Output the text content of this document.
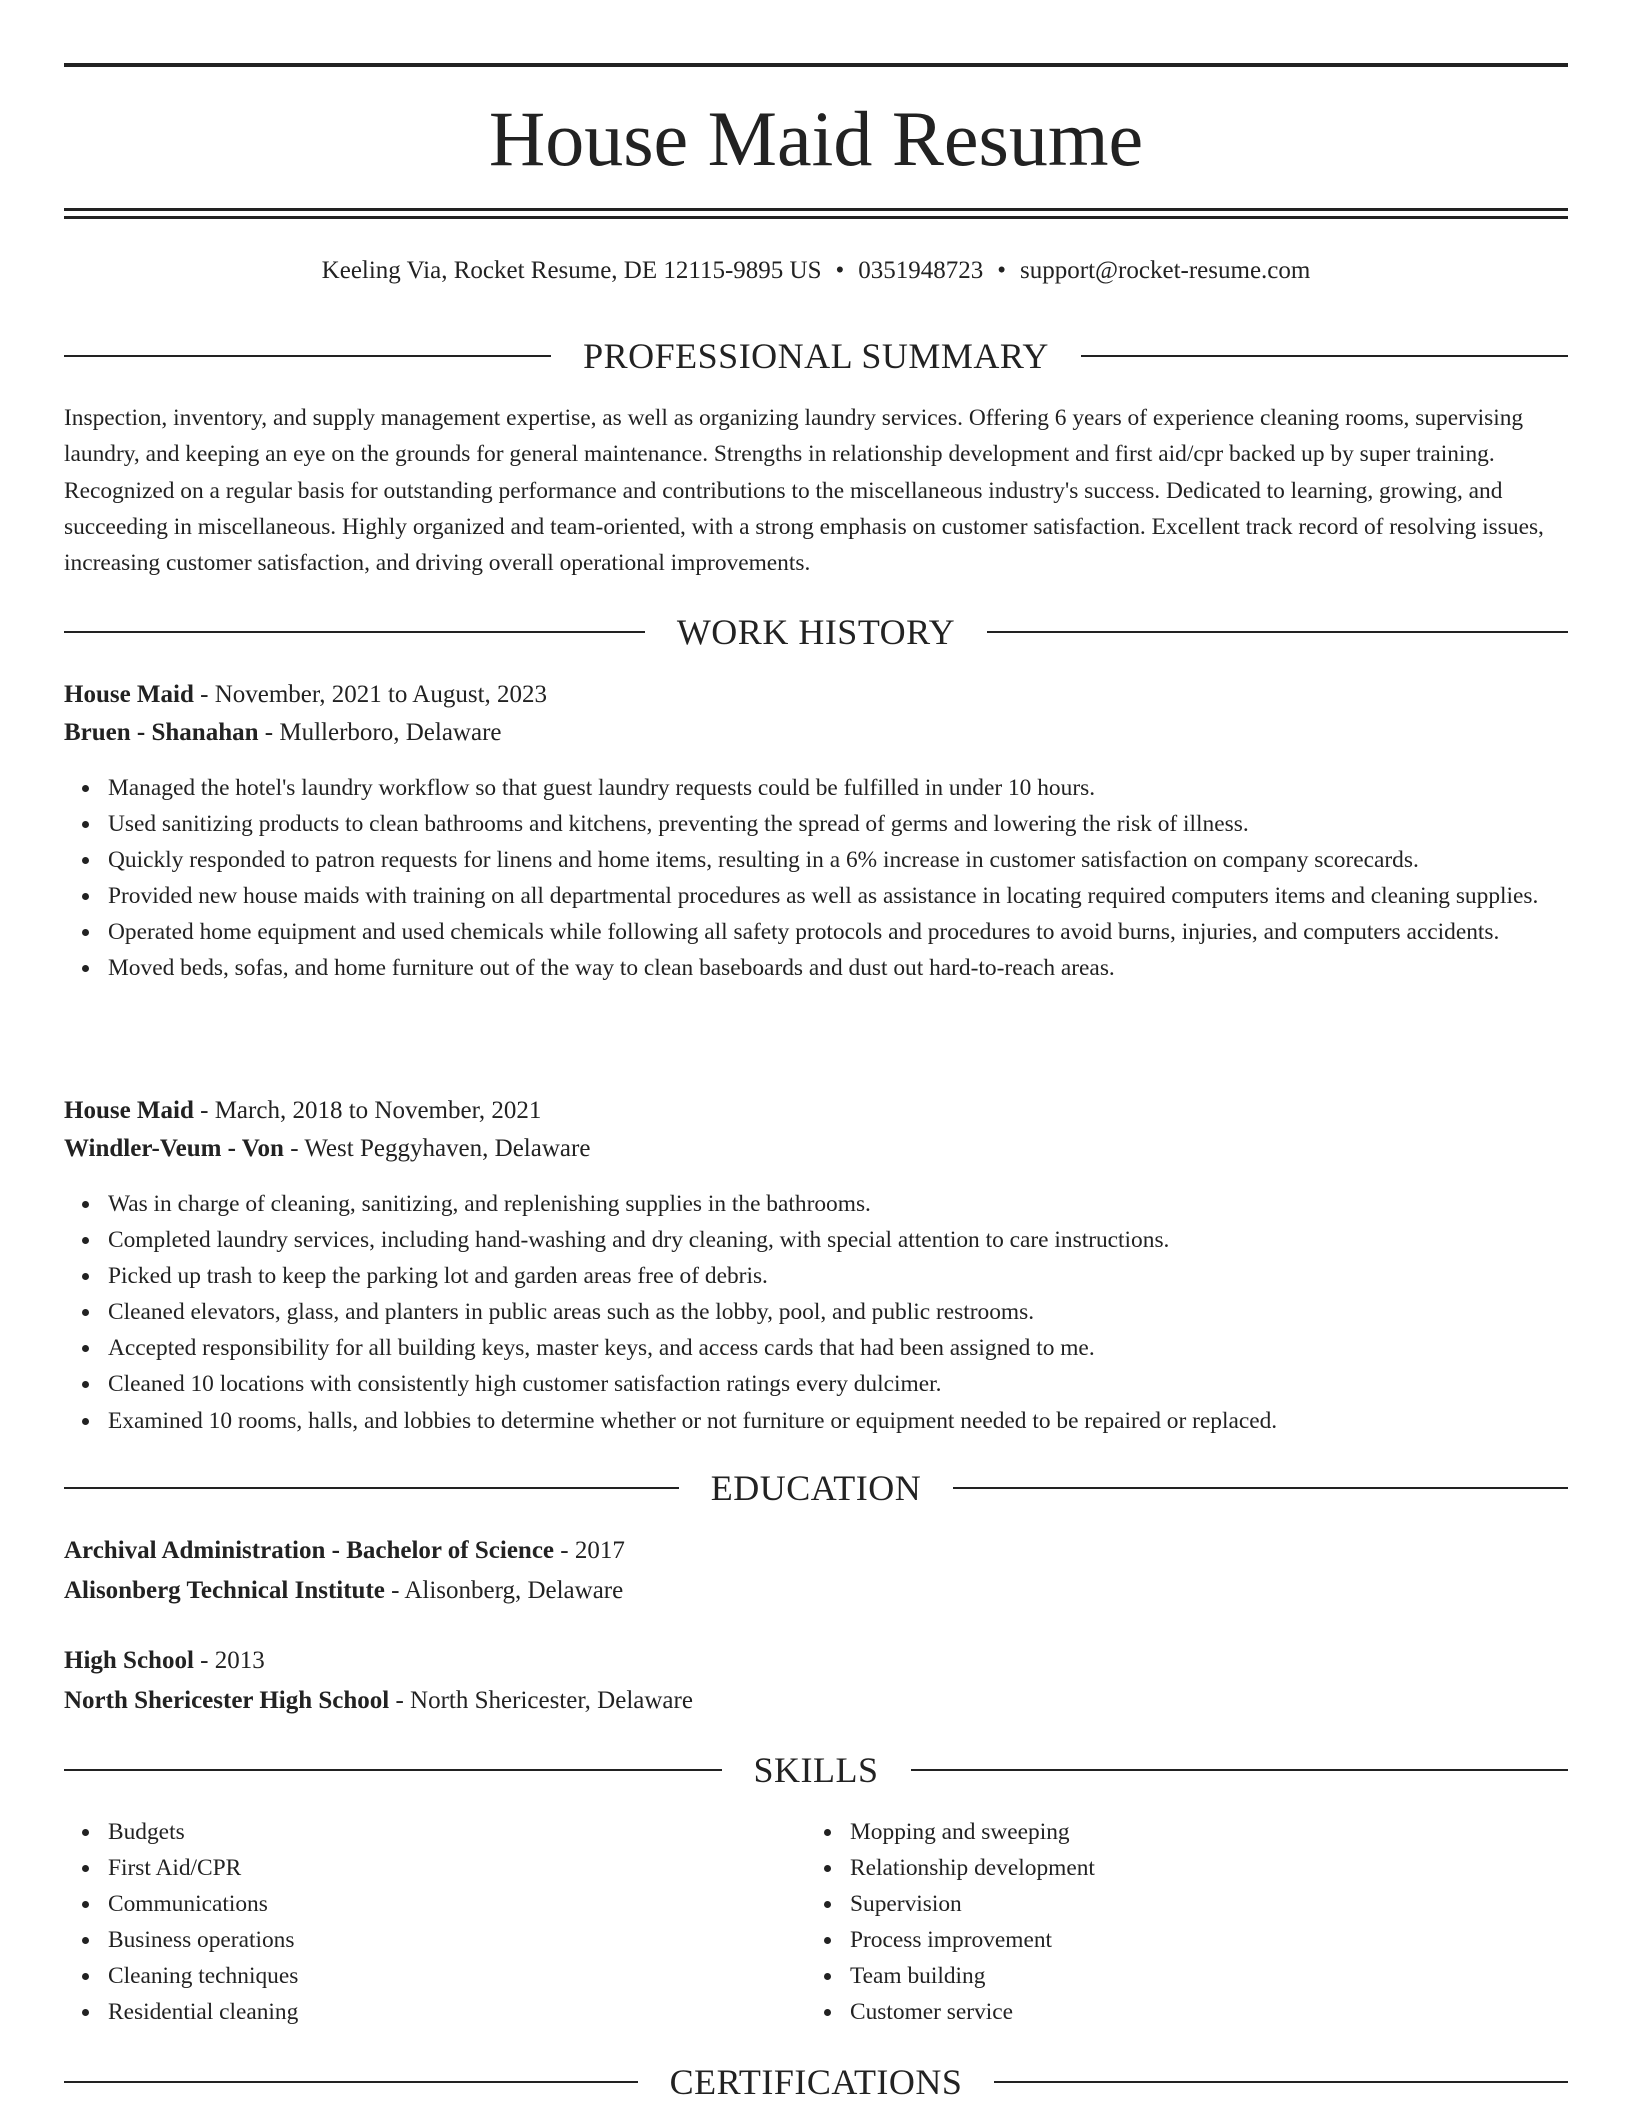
House Maid Resume
Keeling Via, Rocket Resume, DE 12115-9895 US • 0351948723 • support@rocket-resume.com
PROFESSIONAL SUMMARY

Inspection, inventory, and supply management expertise, as well as organizing laundry services. Offering 6 years of experience cleaning rooms, supervising laundry, and keeping an eye on the grounds for general maintenance. Strengths in relationship development and first aid/cpr backed up by super training. Recognized on a regular basis for outstanding performance and contributions to the miscellaneous industry's success. Dedicated to learning, growing, and succeeding in miscellaneous. Highly organized and team-oriented, with a strong emphasis on customer satisfaction. Excellent track record of resolving issues, increasing customer satisfaction, and driving overall operational improvements.

WORK HISTORY
House Maid - November, 2021 to August, 2023
Bruen - Shanahan - Mullerboro, Delaware
Managed the hotel's laundry workflow so that guest laundry requests could be fulfilled in under 10 hours.
Used sanitizing products to clean bathrooms and kitchens, preventing the spread of germs and lowering the risk of illness.
Quickly responded to patron requests for linens and home items, resulting in a 6% increase in customer satisfaction on company scorecards.
Provided new house maids with training on all departmental procedures as well as assistance in locating required computers items and cleaning supplies.
Operated home equipment and used chemicals while following all safety protocols and procedures to avoid burns, injuries, and computers accidents.
Moved beds, sofas, and home furniture out of the way to clean baseboards and dust out hard-to-reach areas.
House Maid - March, 2018 to November, 2021
Windler-Veum - Von - West Peggyhaven, Delaware
Was in charge of cleaning, sanitizing, and replenishing supplies in the bathrooms.
Completed laundry services, including hand-washing and dry cleaning, with special attention to care instructions.
Picked up trash to keep the parking lot and garden areas free of debris.
Cleaned elevators, glass, and planters in public areas such as the lobby, pool, and public restrooms.
Accepted responsibility for all building keys, master keys, and access cards that had been assigned to me.
Cleaned 10 locations with consistently high customer satisfaction ratings every dulcimer.
Examined 10 rooms, halls, and lobbies to determine whether or not furniture or equipment needed to be repaired or replaced.
EDUCATION
Archival Administration - Bachelor of Science - 2017
Alisonberg Technical Institute - Alisonberg, Delaware
High School - 2013
North Shericester High School - North Shericester, Delaware
SKILLS
Budgets
First Aid/CPR
Communications
Business operations
Cleaning techniques
Residential cleaning
Mopping and sweeping
Relationship development
Supervision
Process improvement
Team building
Customer service
CERTIFICATIONS
